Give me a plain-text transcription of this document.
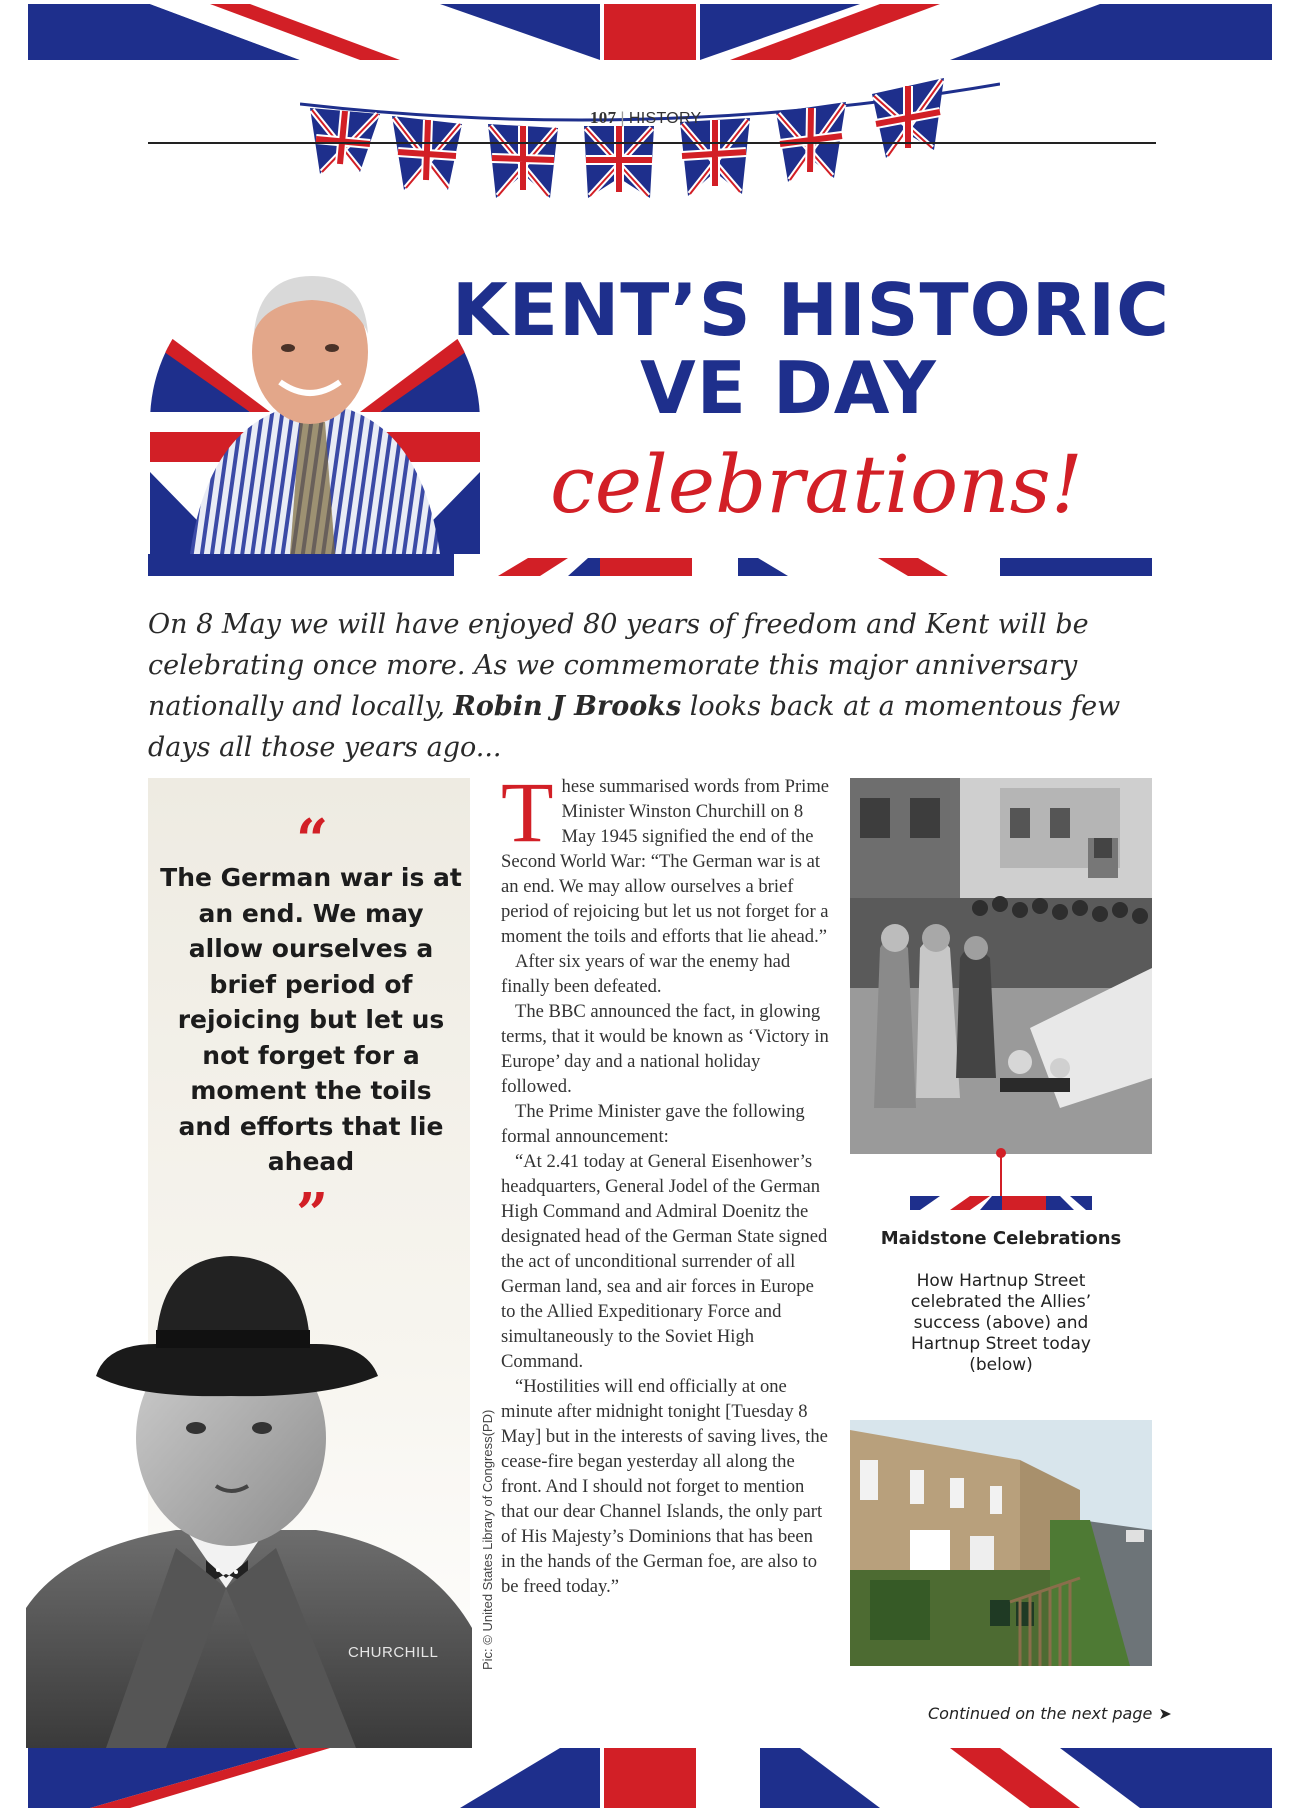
107 | HISTORY
KENT’S HISTORIC
VE DAY
celebrations!
On 8 May we will have enjoyed 80 years of freedom and Kent will be celebrating once more. As we commemorate this major anniversary nationally and locally, Robin J Brooks looks back at a momentous few days all those years ago...
“
The German war is at an end. We may allow ourselves a brief period of rejoicing but let us not forget for a moment the toils and efforts that lie ahead
”
CHURCHILL	Pic: © United States Library of Congress(PD)

These summarised words from Prime Minister Winston Churchill on 8 May 1945 signified the end of the Second World War: “The German war is at an end. We may allow ourselves a brief period of rejoicing but let us not forget for a moment the toils and efforts that lie ahead.”

After six years of war the enemy had finally been defeated.

The BBC announced the fact, in glowing terms, that it would be known as ‘Victory in Europe’ day and a national holiday followed.

The Prime Minister gave the following formal announcement:

“At 2.41 today at General Eisenhower’s headquarters, General Jodel of the German High Command and Admiral Doenitz the designated head of the German State signed the act of unconditional surrender of all German land, sea and air forces in Europe to the Allied Expeditionary Force and simultaneously to the Soviet High Command.

“Hostilities will end officially at one minute after midnight tonight [Tuesday 8 May] but in the interests of saving lives, the cease-fire began yesterday all along the front. And I should not forget to mention that our dear Channel Islands, the only part of His Majesty’s Dominions that has been in the hands of the German foe, are also to be freed today.”

Maidstone Celebrations
How Hartnup Street celebrated the Allies’ success (above) and Hartnup Street today (below)
Continued on the next page ➤
